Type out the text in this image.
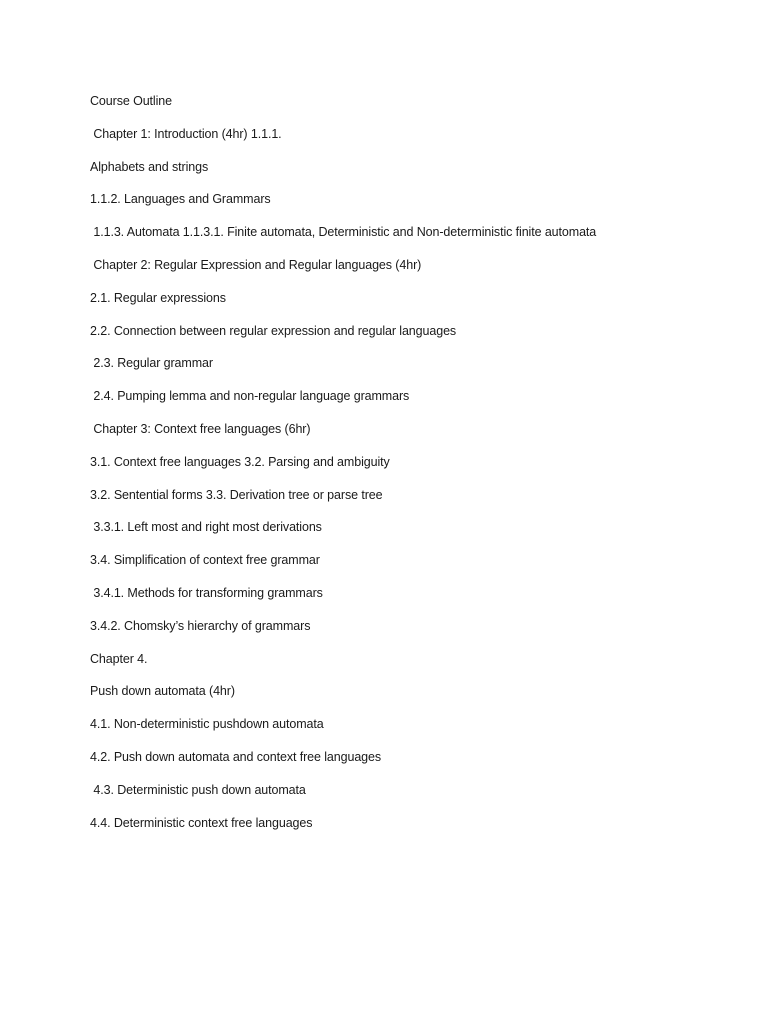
Course Outline
Chapter 1: Introduction (4hr) 1.1.1.
Alphabets and strings
1.1.2. Languages and Grammars
1.1.3. Automata 1.1.3.1. Finite automata, Deterministic and Non-deterministic finite automata
Chapter 2: Regular Expression and Regular languages (4hr)
2.1. Regular expressions
2.2. Connection between regular expression and regular languages
2.3. Regular grammar
2.4. Pumping lemma and non-regular language grammars
Chapter 3: Context free languages (6hr)
3.1. Context free languages 3.2. Parsing and ambiguity
3.2. Sentential forms 3.3. Derivation tree or parse tree
3.3.1. Left most and right most derivations
3.4. Simplification of context free grammar
3.4.1. Methods for transforming grammars
3.4.2. Chomsky’s hierarchy of grammars
Chapter 4.
Push down automata (4hr)
4.1. Non-deterministic pushdown automata
4.2. Push down automata and context free languages
4.3. Deterministic push down automata
4.4. Deterministic context free languages
